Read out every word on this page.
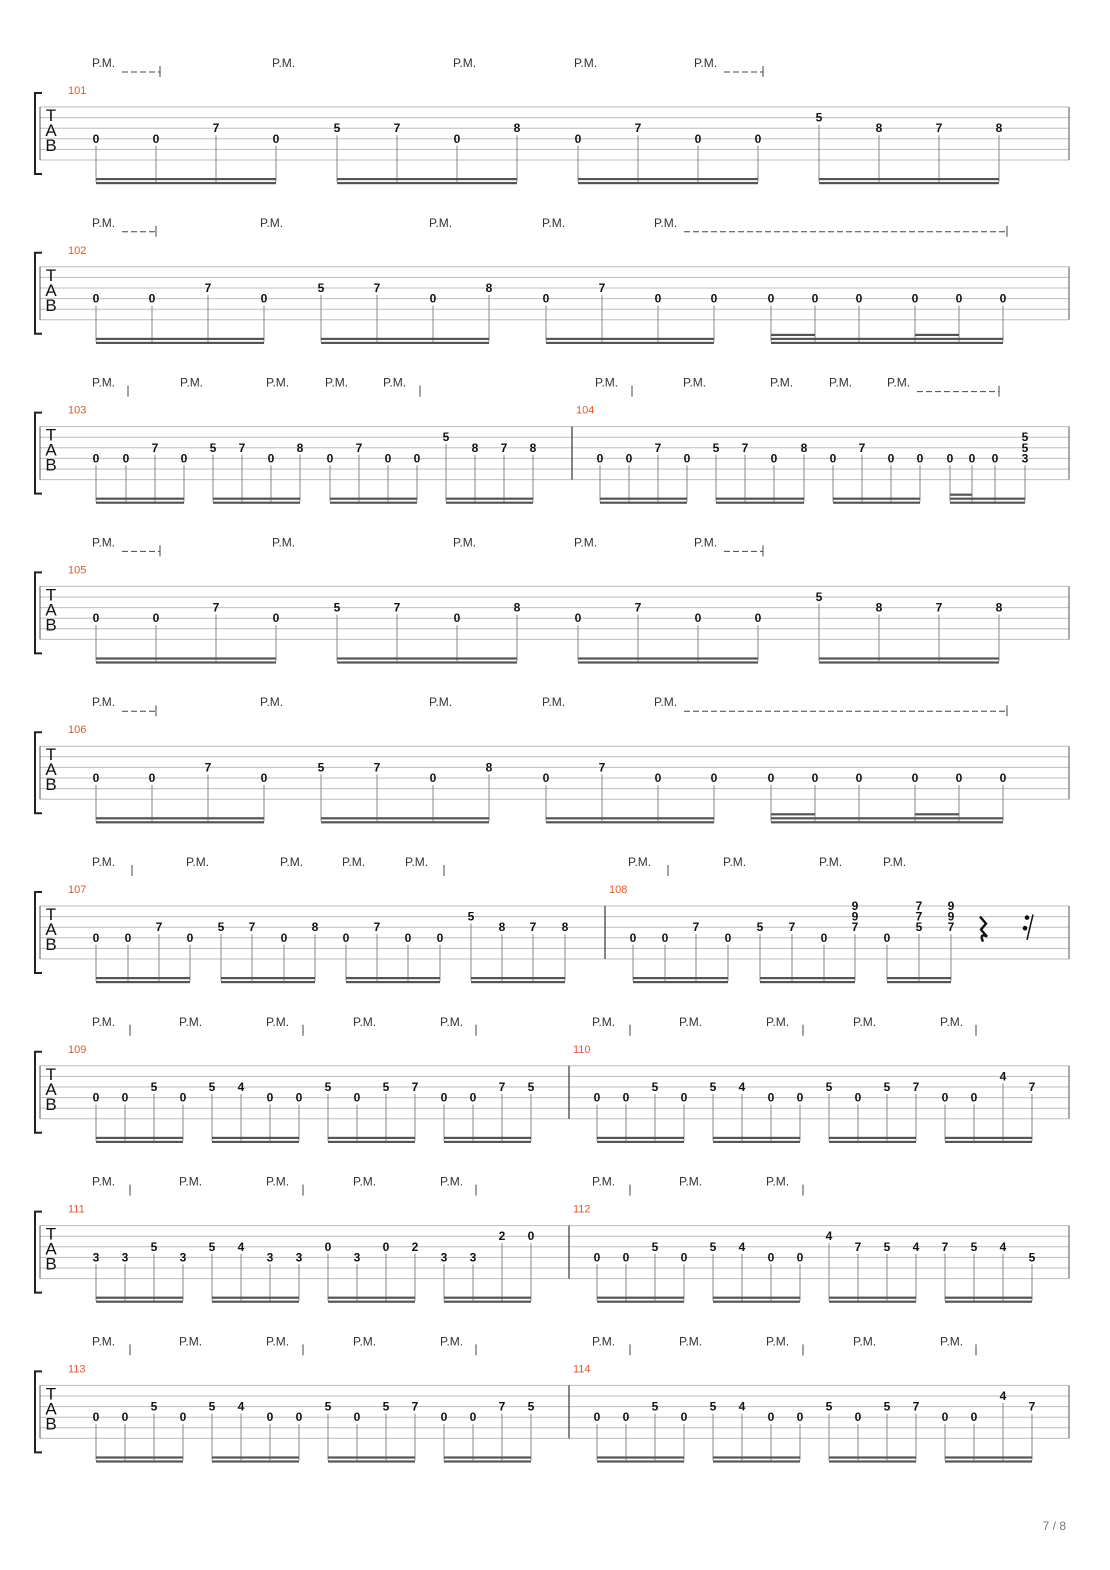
T
A
B
101
P.M.	P.M.	P.M.	P.M.	P.M.
0	0
7
0
5	7
0
8
0
7
0	0
5
8	7	8
T
A
B
102
P.M.	P.M.	P.M.	P.M.	P.M.
0	0
7
0
5	7
0
8
0
7
0	0	0	0	0	0	0	0
T
A
B
103	104
P.M.	P.M.	P.M.	P.M.	P.M.	P.M.	P.M.	P.M.	P.M.	P.M.
0 0
7
0
5 7
0
8
0
7
0 0
5
8 7 8
0 0
7
0
5 7
0
8
0
7
0 0 0 0 0
5
5
3
T
A
B
105
P.M.	P.M.	P.M.	P.M.	P.M.
0	0
7
0
5	7
0
8
0
7
0	0
5
8	7	8
T
A
B
106
P.M.	P.M.	P.M.	P.M.	P.M.
0	0
7
0
5	7
0
8
0
7
0	0	0	0	0	0	0	0
T
A
B
107	108
P.M.	P.M.	P.M.	P.M.	P.M.	P.M.	P.M.	P.M.	P.M.
0 0
7
0
5 7
0
8
0
7
0 0
5
8 7 8
0 0
7
0
5 7
0
9
9
7
0
7
7
5
9
9
7
T
A
B
109	110
P.M.	P.M.	P.M.	P.M.	P.M.	P.M.	P.M.	P.M.	P.M.	P.M.
0 0
5
0
5 4
0 0
5
0
5 7
0 0
7 5
0 0
5
0
5 4
0 0
5
0
5 7
0 0
4
7
T
A
B
111	112
P.M.	P.M.	P.M.	P.M.	P.M.	P.M.	P.M.	P.M.
3 3
5
3
5 4
3 3
0
3
0 2
3 3
2 0
0 0
5
0
5 4
0 0
4
7 5 4 7 5 4
5
T
A
B
113	114
P.M.	P.M.	P.M.	P.M.	P.M.	P.M.	P.M.	P.M.	P.M.	P.M.
0 0
5
0
5 4
0 0
5
0
5 7
0 0
7 5
0 0
5
0
5 4
0 0
5
0
5 7
0 0
4
7
7 / 8
